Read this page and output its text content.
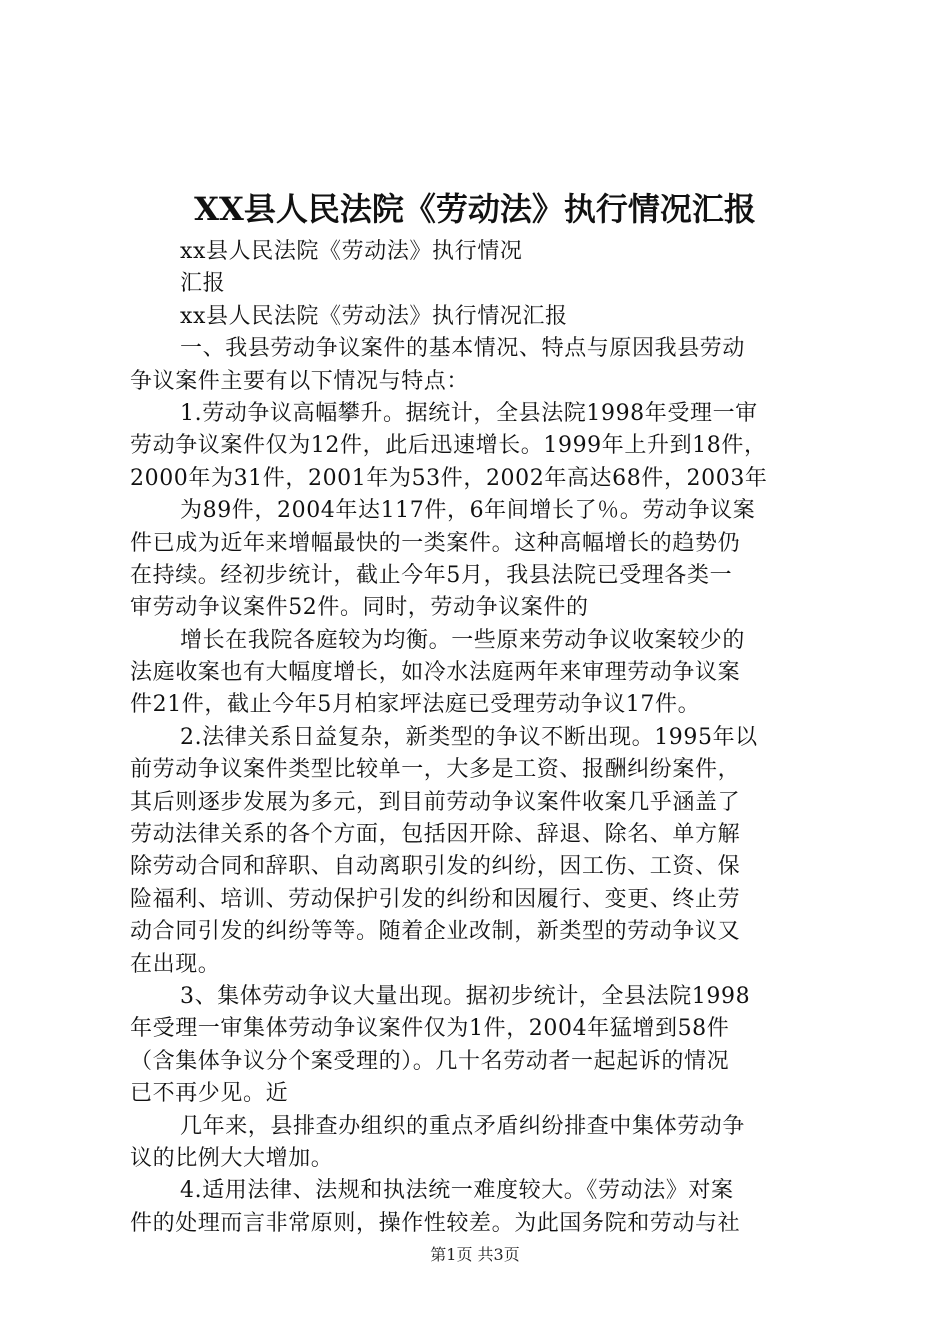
XX县人民法院《劳动法》执行情况汇报
xx县人民法院《劳动法》执行情况
汇报
xx县人民法院《劳动法》执行情况汇报
一、我县劳动争议案件的基本情况、特点与原因我县劳动
争议案件主要有以下情况与特点：
1.劳动争议高幅攀升。据统计，全县法院1998年受理一审
劳动争议案件仅为12件，此后迅速增长。1999年上升到18件，
2000年为31件，2001年为53件，2002年高达68件，2003年
为89件，2004年达117件，6年间增长了％。劳动争议案
件已成为近年来增幅最快的一类案件。这种高幅增长的趋势仍
在持续。经初步统计，截止今年5月，我县法院已受理各类一
审劳动争议案件52件。同时，劳动争议案件的
增长在我院各庭较为均衡。一些原来劳动争议收案较少的
法庭收案也有大幅度增长，如冷水法庭两年来审理劳动争议案
件21件，截止今年5月柏家坪法庭已受理劳动争议17件。
2.法律关系日益复杂，新类型的争议不断出现。1995年以
前劳动争议案件类型比较单一，大多是工资、报酬纠纷案件，
其后则逐步发展为多元，到目前劳动争议案件收案几乎涵盖了
劳动法律关系的各个方面，包括因开除、辞退、除名、单方解
除劳动合同和辞职、自动离职引发的纠纷，因工伤、工资、保
险福利、培训、劳动保护引发的纠纷和因履行、变更、终止劳
动合同引发的纠纷等等。随着企业改制，新类型的劳动争议又
在出现。
3、集体劳动争议大量出现。据初步统计，全县法院1998
年受理一审集体劳动争议案件仅为1件，2004年猛增到58件
（含集体争议分个案受理的）。几十名劳动者一起起诉的情况
已不再少见。近
几年来，县排查办组织的重点矛盾纠纷排查中集体劳动争
议的比例大大增加。
4.适用法律、法规和执法统一难度较大。《劳动法》对案
件的处理而言非常原则，操作性较差。为此国务院和劳动与社
第1页 共3页
